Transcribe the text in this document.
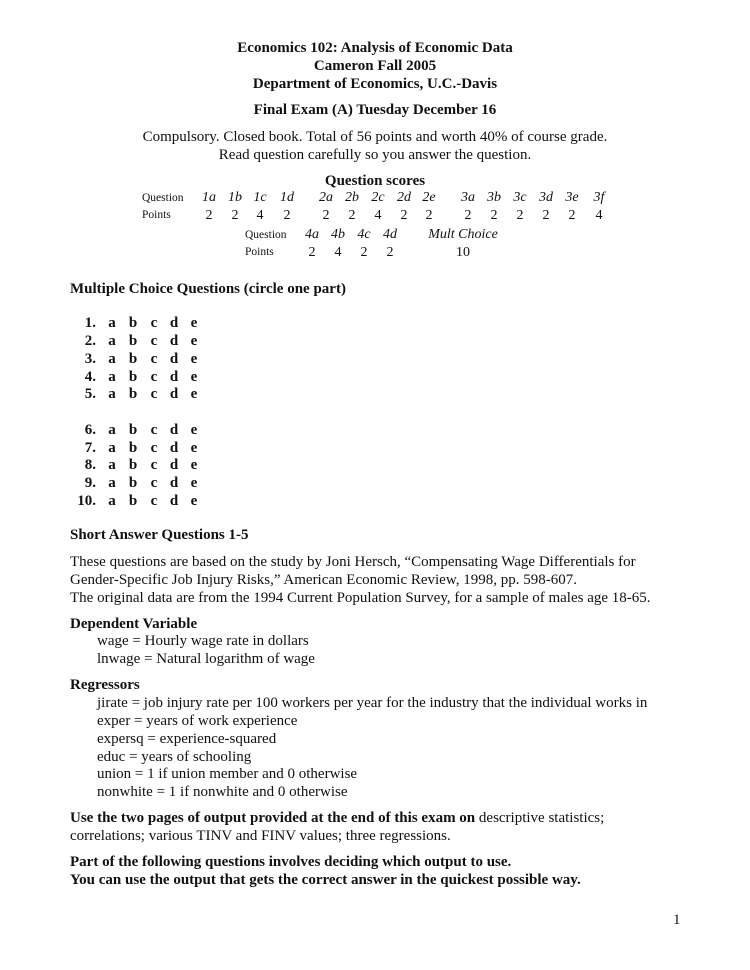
Economics 102: Analysis of Economic Data
Cameron Fall 2005
Department of Economics, U.C.-Davis
Final Exam (A) Tuesday December 16
Compulsory. Closed book. Total of 56 points and worth 40% of course grade.
Read question carefully so you answer the question.
Question scores
Question
Points
1a
2
1b
2
1c
4
1d
2
2a
2
2b
2
2c
4
2d
2
2e
2
3a
2
3b
2
3c
2
3d
2
3e
2
3f
4
Question
Points
4a
2
4b
4
4c
2
4d
2
Mult Choice
10
Multiple Choice Questions (circle one part)
1. a b c d e
2. a b c d e
3. a b c d e
4. a b c d e
5. a b c d e
6. a b c d e
7. a b c d e
8. a b c d e
9. a b c d e
10. a b c d e
Short Answer Questions 1-5
These questions are based on the study by Joni Hersch, “Compensating Wage Differentials for
Gender-Specific Job Injury Risks,” American Economic Review, 1998, pp. 598-607.
The original data are from the 1994 Current Population Survey, for a sample of males age 18-65.
Dependent Variable
wage = Hourly wage rate in dollars
lnwage = Natural logarithm of wage
Regressors
jirate = job injury rate per 100 workers per year for the industry that the individual works in
exper = years of work experience
expersq = experience-squared
educ = years of schooling
union = 1 if union member and 0 otherwise
nonwhite = 1 if nonwhite and 0 otherwise
Use the two pages of output provided at the end of this exam on descriptive statistics;
correlations; various TINV and FINV values; three regressions.
Part of the following questions involves deciding which output to use.
You can use the output that gets the correct answer in the quickest possible way.
1
